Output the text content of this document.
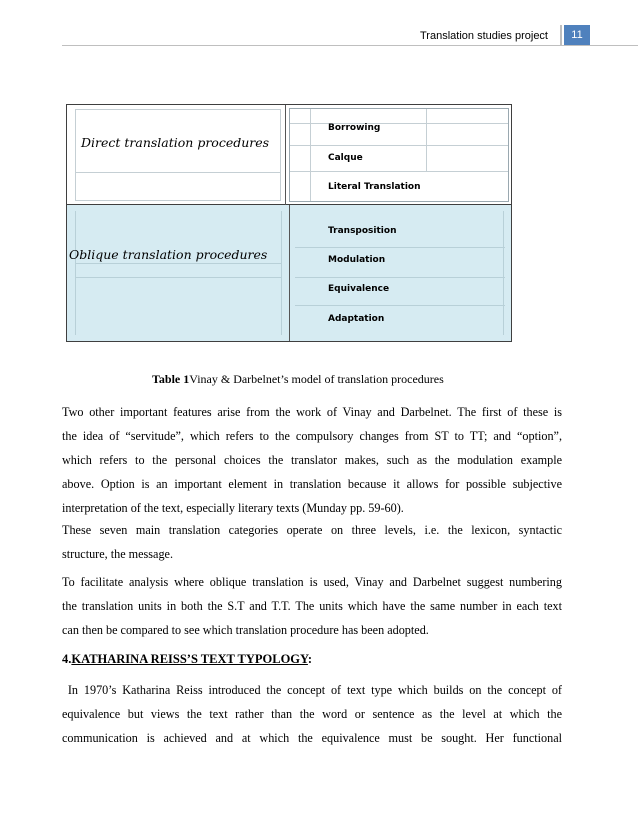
Translation studies project	11
Direct translation procedures
Oblique translation procedures
Borrowing
Calque
Literal Translation
Transposition
Modulation
Equivalence
Adaptation
Table 1Vinay & Darbelnet’s model of translation procedures
Two other important features arise from the work of Vinay and Darbelnet. The first of these is
the idea of “servitude”, which refers to the compulsory changes from ST to TT; and “option”,
which refers to the personal choices the translator makes, such as the modulation example
above. Option is an important element in translation because it allows for possible subjective
interpretation of the text, especially literary texts (Munday pp. 59-60).
These seven main translation categories operate on three levels, i.e. the lexicon, syntactic
structure, the message.
To facilitate analysis where oblique translation is used, Vinay and Darbelnet suggest numbering
the translation units in both the S.T and T.T. The units which have the same number in each text
can then be compared to see which translation procedure has been adopted.
4.KATHARINA REISS’S TEXT TYPOLOGY:
In 1970’s Katharina Reiss introduced the concept of text type which builds on the concept of
equivalence but views the text rather than the word or sentence as the level at which the
communication is achieved and at which the equivalence must be sought. Her functional
